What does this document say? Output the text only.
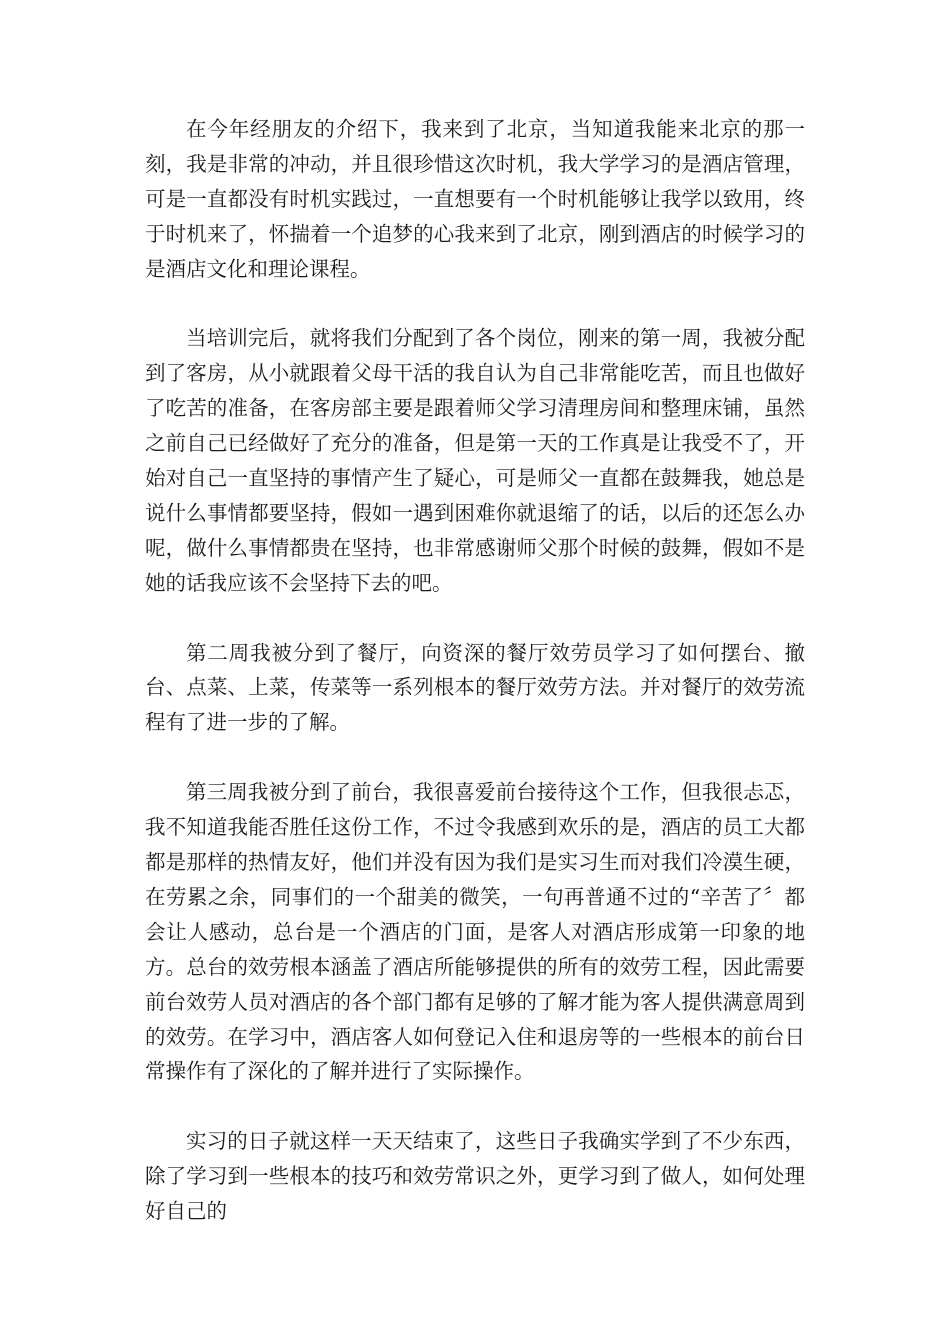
在今年经朋友的介绍下，我来到了北京，当知道我能来北京的那一刻，我是非常的冲动，并且很珍惜这次时机，我大学学习的是酒店管理，可是一直都没有时机实践过，一直想要有一个时机能够让我学以致用，终于时机来了，怀揣着一个追梦的心我来到了北京，刚到酒店的时候学习的是酒店文化和理论课程。

当培训完后，就将我们分配到了各个岗位，刚来的第一周，我被分配到了客房，从小就跟着父母干活的我自认为自己非常能吃苦，而且也做好了吃苦的准备，在客房部主要是跟着师父学习清理房间和整理床铺，虽然之前自己已经做好了充分的准备，但是第一天的工作真是让我受不了，开始对自己一直坚持的事情产生了疑心，可是师父一直都在鼓舞我，她总是说什么事情都要坚持，假如一遇到困难你就退缩了的话，以后的还怎么办呢，做什么事情都贵在坚持，也非常感谢师父那个时候的鼓舞，假如不是她的话我应该不会坚持下去的吧。

第二周我被分到了餐厅，向资深的餐厅效劳员学习了如何摆台、撤台、点菜、上菜，传菜等一系列根本的餐厅效劳方法。并对餐厅的效劳流程有了进一步的了解。

第三周我被分到了前台，我很喜爱前台接待这个工作，但我很忐忑，我不知道我能否胜任这份工作，不过令我感到欢乐的是，酒店的员工大都都是那样的热情友好，他们并没有因为我们是实习生而对我们冷漠生硬，在劳累之余，同事们的一个甜美的微笑，一句再普通不过的“辛苦了〞都会让人感动，总台是一个酒店的门面，是客人对酒店形成第一印象的地方。总台的效劳根本涵盖了酒店所能够提供的所有的效劳工程，因此需要前台效劳人员对酒店的各个部门都有足够的了解才能为客人提供满意周到的效劳。在学习中，酒店客人如何登记入住和退房等的一些根本的前台日常操作有了深化的了解并进行了实际操作。

实习的日子就这样一天天结束了，这些日子我确实学到了不少东西，除了学习到一些根本的技巧和效劳常识之外，更学习到了做人，如何处理好自己的
